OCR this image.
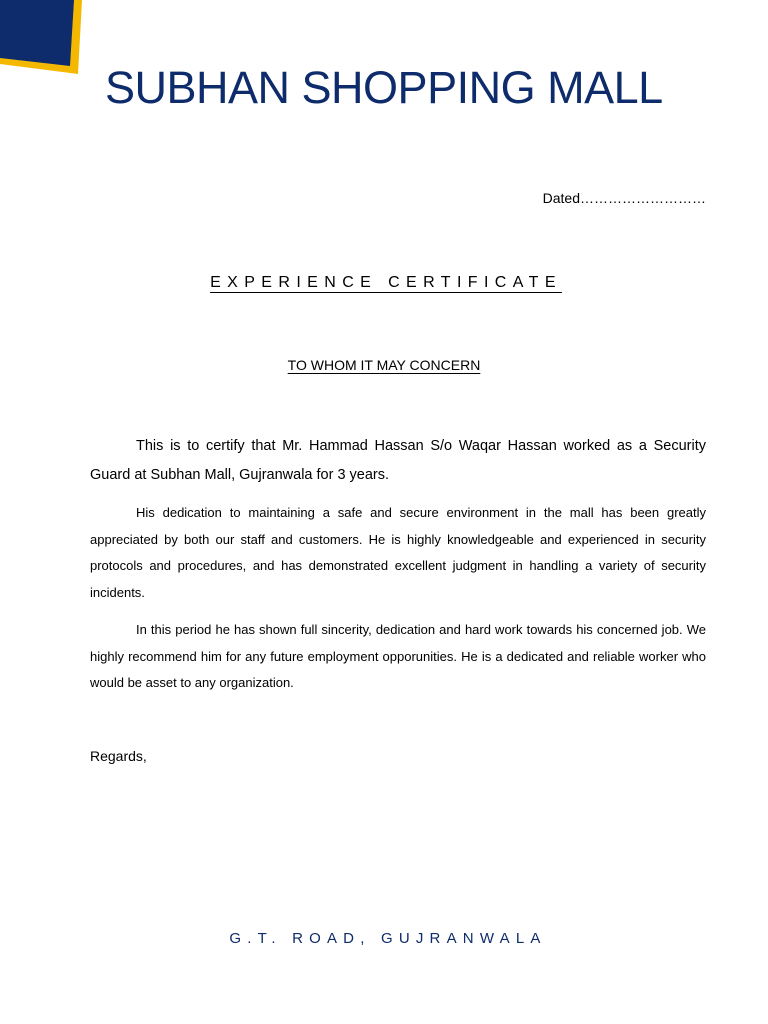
SUBHAN SHOPPING MALL
Dated………………………
EXPERIENCE CERTIFICATE
TO WHOM IT MAY CONCERN

This is to certify that Mr. Hammad Hassan S/o Waqar Hassan worked as a Security Guard at Subhan Mall, Gujranwala for 3 years.

His dedication to maintaining a safe and secure environment in the mall has been greatly appreciated by both our staff and customers. He is highly knowledgeable and experienced in security protocols and procedures, and has demonstrated excellent judgment in handling a variety of security incidents.

In this period he has shown full sincerity, dedication and hard work towards his concerned job. We highly recommend him for any future employment opporunities. He is a dedicated and reliable worker who would be asset to any organization.

Regards,
G.T. ROAD, GUJRANWALA
